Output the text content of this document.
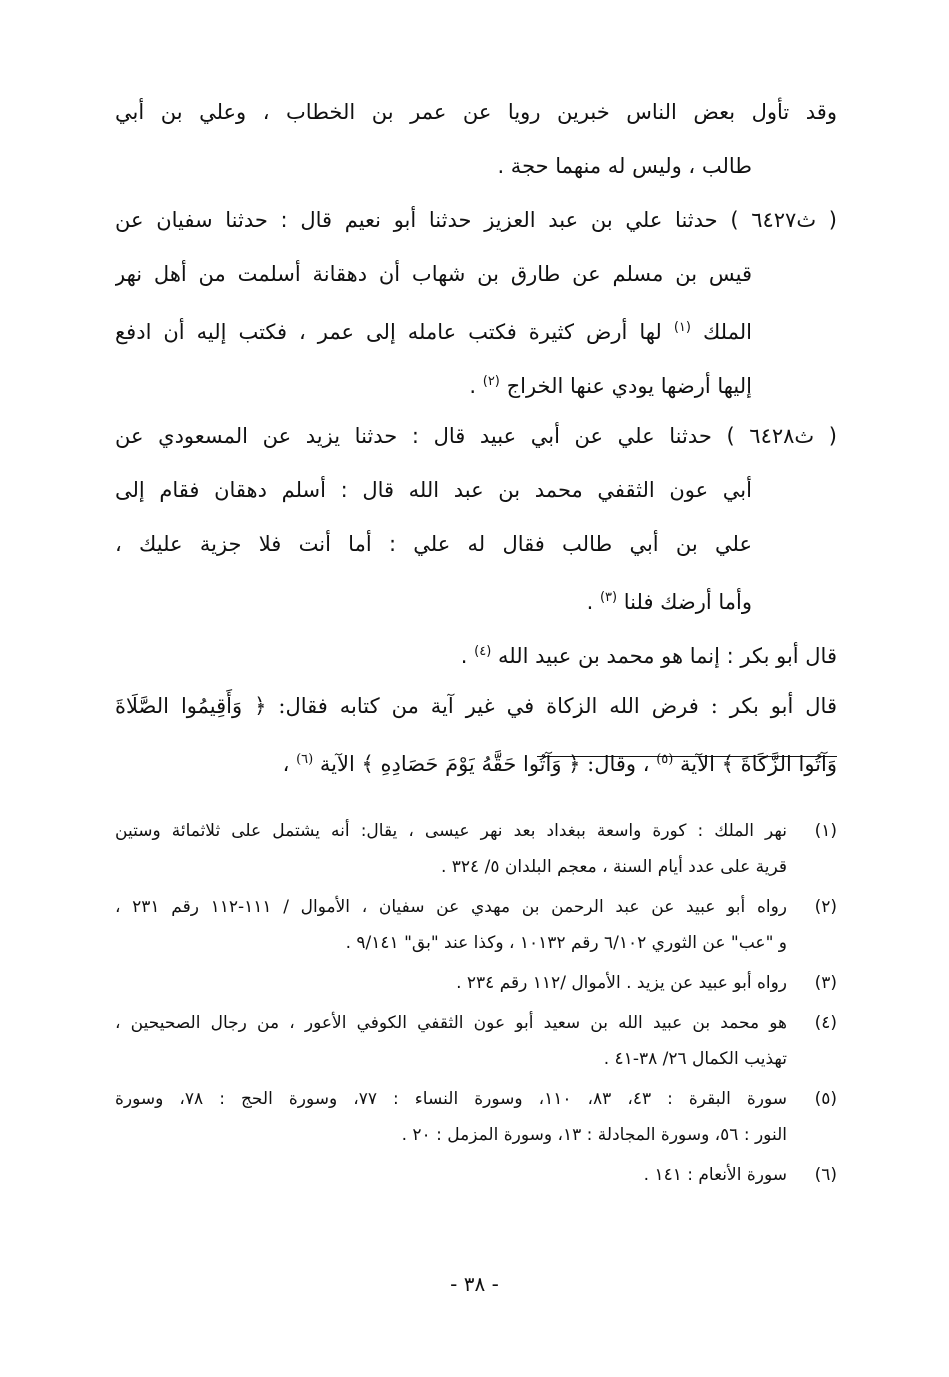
وقد تأول بعض الناس خبرين رويا عن عمر بن الخطاب ، وعلي بن أبي
طالب ، وليس له منهما حجة .
( ث٦٤٢٧ ) حدثنا علي بن عبد العزيز حدثنا أبو نعيم قال : حدثنا سفيان عن
قيس بن مسلم عن طارق بن شهاب أن دهقانة أسلمت من أهل نهر
الملك $^{(١)}$ لها أرض كثيرة فكتب عامله إلى عمر ، فكتب إليه أن ادفع
إليها أرضها يودي عنها الخراج $^{(٢)}$ .
( ث٦٤٢٨ ) حدثنا علي عن أبي عبيد قال : حدثنا يزيد عن المسعودي عن
أبي عون الثقفي محمد بن عبد الله قال : أسلم دهقان فقام إلى
علي بن أبي طالب فقال له علي : أما أنت فلا جزية عليك ،
وأما أرضك فلنا $^{(٣)}$ .
قال أبو بكر : إنما هو محمد بن عبيد الله $^{(٤)}$ .
قال أبو بكر : فرض الله الزكاة في غير آية من كتابه فقال: ﴿ وَأَقِيمُوا الصَّلَاةَ
وَآتُوا الزَّكَاةَ ﴾ الآية $^{(٥)}$ ، وقال: ﴿ وَآتُوا حَقَّهُ يَوْمَ حَصَادِهِ ﴾ الآية $^{(٦)}$ ،
(١)
نهر الملك : كورة واسعة ببغداد بعد نهر عيسى ، يقال: أنه يشتمل على ثلاثمائة وستين
قرية على عدد أيام السنة ، معجم البلدان ٥/ ٣٢٤ .
(٢)
رواه أبو عبيد عن عبد الرحمن بن مهدي عن سفيان ، الأموال / ١١١-١١٢ رقم ٢٣١ ،
و "عب" عن الثوري ٦/١٠٢ رقم ١٠١٣٢ ، وكذا عند "بق" ٩/١٤١ .
(٣)
رواه أبو عبيد عن يزيد . الأموال /١١٢ رقم ٢٣٤ .
(٤)
هو محمد بن عبيد الله بن سعيد أبو عون الثقفي الكوفي الأعور ، من رجال الصحيحين ،
تهذيب الكمال ٢٦/ ٣٨-٤١ .
(٥)
سورة البقرة : ٤٣، ٨٣، ١١٠، وسورة النساء : ٧٧، وسورة الحج : ٧٨، وسورة
النور : ٥٦، وسورة المجادلة : ١٣، وسورة المزمل : ٢٠ .
(٦)
سورة الأنعام : ١٤١ .
- ٣٨ -
